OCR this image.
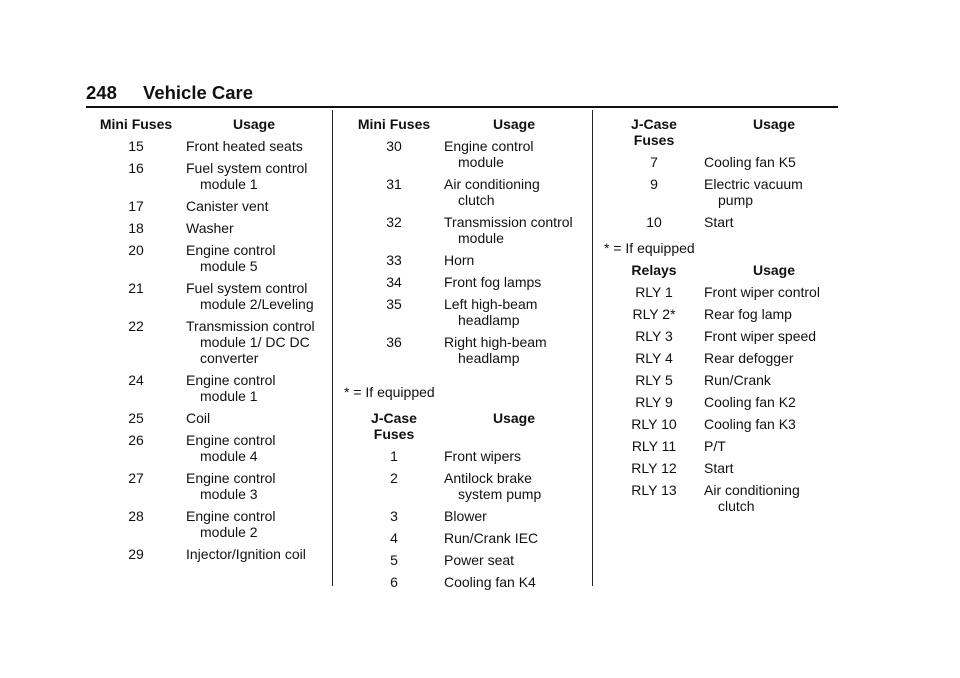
248 Vehicle Care
Mini Fuses	Usage
15	Front heated seats

16	Fuel system control module 1

17	Canister vent

18	Washer

20	Engine control module 5

21	Fuel system control module 2/Leveling

22	Transmission control module 1/ DC DC converter

24	Engine control module 1

25	Coil

26	Engine control module 4

27	Engine control module 3

28	Engine control module 2

29	Injector/Ignition coil
Mini Fuses	Usage
30	Engine control module

31	Air conditioning clutch

32	Transmission control module

33	Horn

34	Front fog lamps

35	Left high-beam headlamp

36	Right high-beam headlamp
* = If equipped
J-Case Fuses	Usage
1	Front wipers

2	Antilock brake system pump

3	Blower

4	Run/Crank IEC

5	Power seat

6	Cooling fan K4
J-Case Fuses	Usage
7	Cooling fan K5

9	Electric vacuum pump

10	Start
* = If equipped
Relays	Usage
RLY 1	Front wiper control

RLY 2*	Rear fog lamp

RLY 3	Front wiper speed

RLY 4	Rear defogger

RLY 5	Run/Crank

RLY 9	Cooling fan K2

RLY 10	Cooling fan K3

RLY 11	P/T

RLY 12	Start

RLY 13	Air conditioning clutch
